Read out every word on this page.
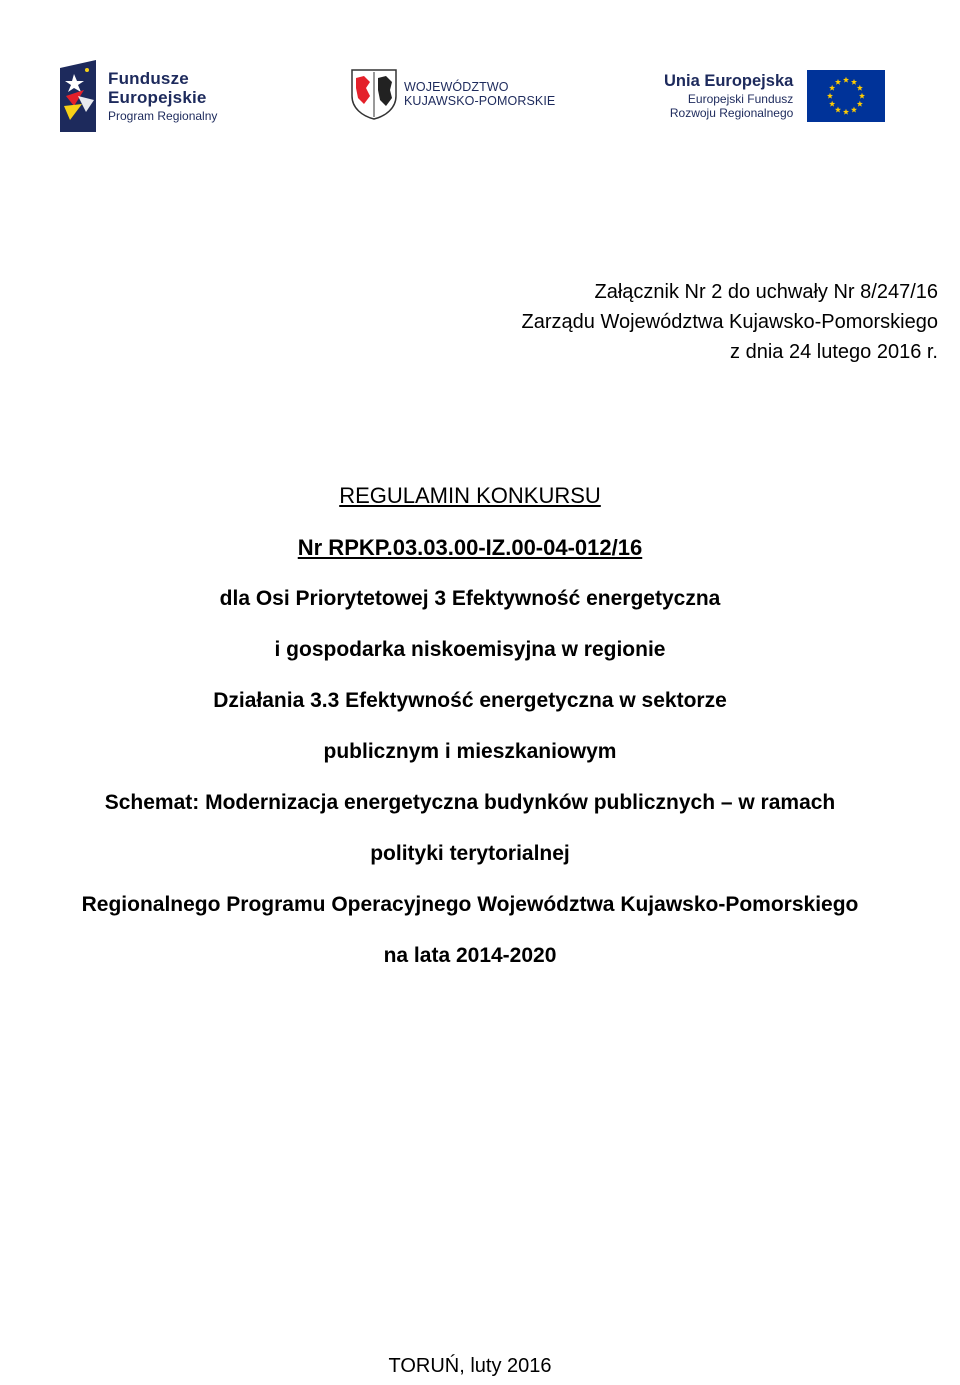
Fundusze
Europejskie
Program Regionalny
WOJEWÓDZTWO
KUJAWSKO-POMORSKIE
Unia Europejska
Europejski Fundusz
Rozwoju Regionalnego
Załącznik Nr 2 do uchwały Nr 8/247/16
Zarządu Województwa Kujawsko-Pomorskiego
z dnia 24 lutego 2016 r.
REGULAMIN KONKURSU
Nr RPKP.03.03.00-IZ.00-04-012/16
dla Osi Priorytetowej 3 Efektywność energetyczna
i gospodarka niskoemisyjna w regionie
Działania 3.3 Efektywność energetyczna w sektorze
publicznym i mieszkaniowym
Schemat: Modernizacja energetyczna budynków publicznych – w ramach
polityki terytorialnej
Regionalnego Programu Operacyjnego Województwa Kujawsko-Pomorskiego
na lata 2014-2020
TORUŃ, luty 2016
